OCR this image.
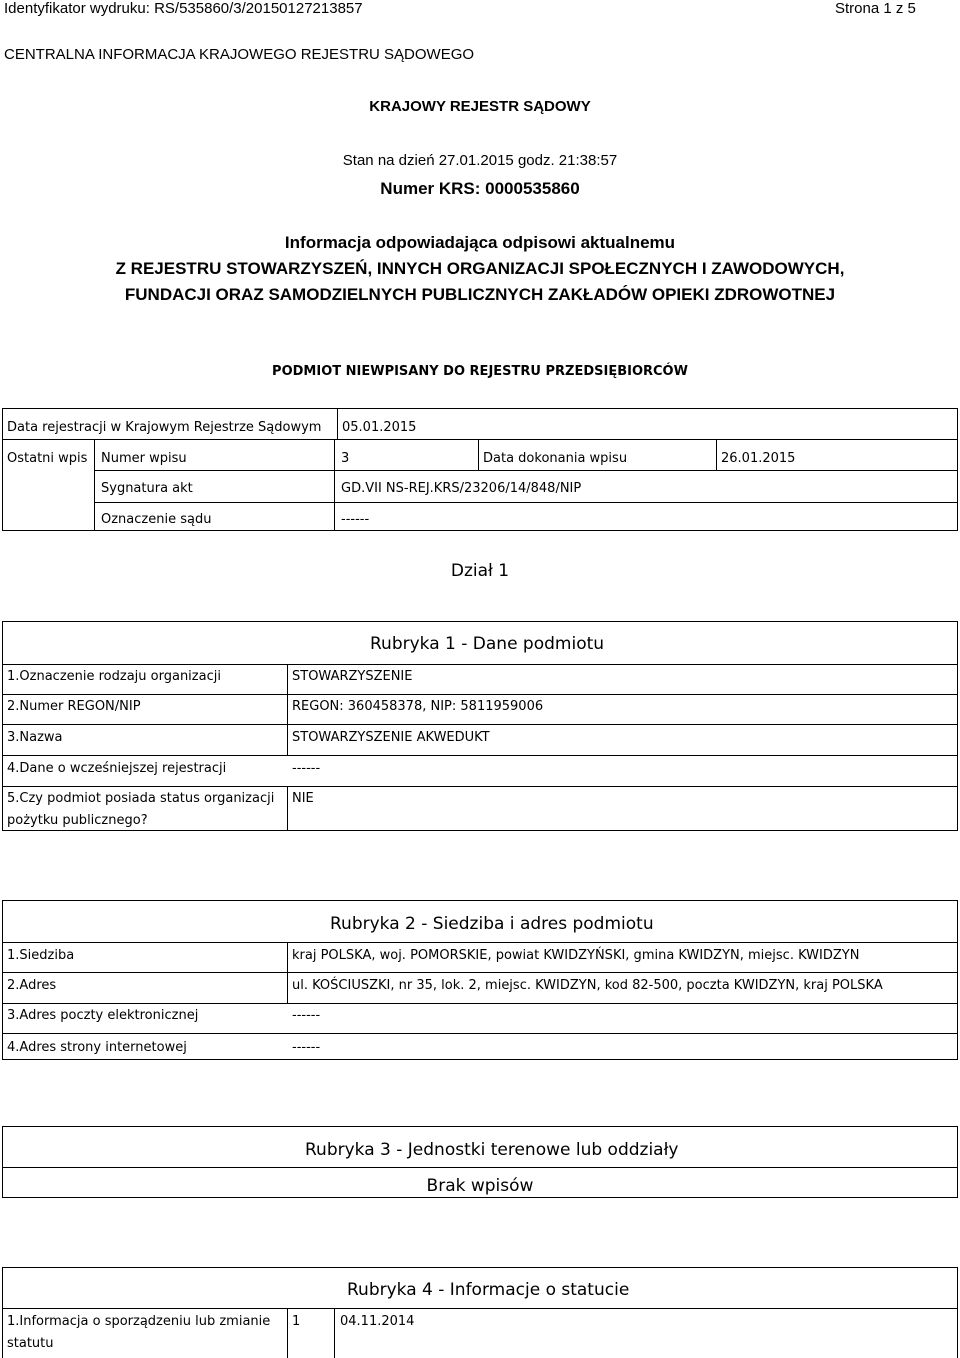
Identyfikator wydruku: RS/535860/3/20150127213857	Strona 1 z 5
CENTRALNA INFORMACJA KRAJOWEGO REJESTRU SĄDOWEGO
KRAJOWY REJESTR SĄDOWY
Stan na dzień 27.01.2015 godz. 21:38:57
Numer KRS: 0000535860
Informacja odpowiadająca odpisowi aktualnemu
Z REJESTRU STOWARZYSZEŃ, INNYCH ORGANIZACJI SPOŁECZNYCH I ZAWODOWYCH,
FUNDACJI ORAZ SAMODZIELNYCH PUBLICZNYCH ZAKŁADÓW OPIEKI ZDROWOTNEJ
PODMIOT NIEWPISANY DO REJESTRU PRZEDSIĘBIORCÓW
Data rejestracji w Krajowym Rejestrze Sądowym 05.01.2015
Ostatni wpis Numer wpisu	3	Data dokonania wpisu	26.01.2015
Sygnatura akt	GD.VII NS-REJ.KRS/23206/14/848/NIP
Oznaczenie sądu	------
Dział 1
Rubryka 1 - Dane podmiotu
1.Oznaczenie rodzaju organizacji	STOWARZYSZENIE
2.Numer REGON/NIP	REGON: 360458378, NIP: 5811959006
3.Nazwa	STOWARZYSZENIE AKWEDUKT
4.Dane o wcześniejszej rejestracji	------
5.Czy podmiot posiada status organizacji
pożytku publicznego?
NIE
Rubryka 2 - Siedziba i adres podmiotu
1.Siedziba	kraj POLSKA, woj. POMORSKIE, powiat KWIDZYŃSKI, gmina KWIDZYN, miejsc. KWIDZYN
2.Adres	ul. KOŚCIUSZKI, nr 35, lok. 2, miejsc. KWIDZYN, kod 82-500, poczta KWIDZYN, kraj POLSKA
3.Adres poczty elektronicznej	------
4.Adres strony internetowej	------
Rubryka 3 - Jednostki terenowe lub oddziały
Brak wpisów
Rubryka 4 - Informacje o statucie
1.Informacja o sporządzeniu lub zmianie
statutu
1	04.11.2014
